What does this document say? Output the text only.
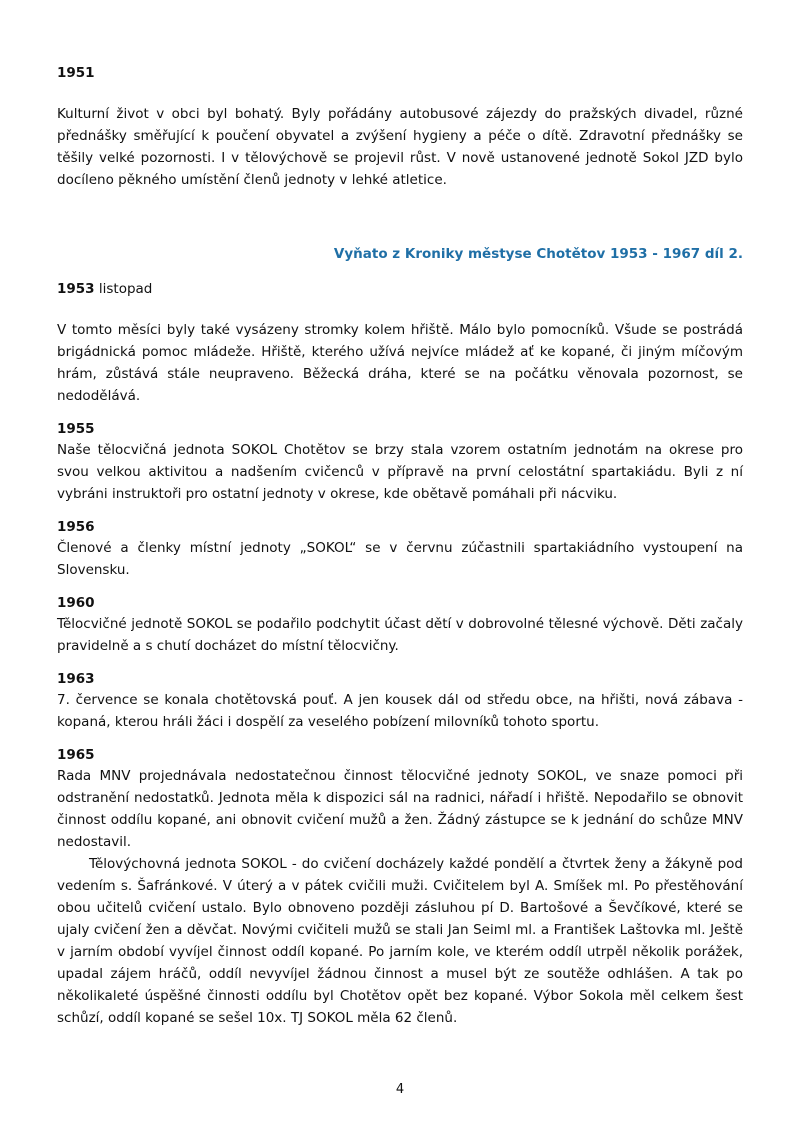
1951

Kulturní život v obci byl bohatý. Byly pořádány autobusové zájezdy do pražských divadel, různé přednášky směřující k poučení obyvatel a zvýšení hygieny a péče o dítě. Zdravotní přednášky se těšily velké pozornosti. I v tělovýchově se projevil růst. V nově ustanovené jednotě Sokol JZD bylo docíleno pěkného umístění členů jednoty v lehké atletice.

Vyňato z Kroniky městyse Chotětov 1953 - 1967 díl 2.

1953 listopad

V tomto měsíci byly také vysázeny stromky kolem hřiště. Málo bylo pomocníků. Všude se postrádá brigádnická pomoc mládeže. Hřiště, kterého užívá nejvíce mládež ať ke kopané, či jiným míčovým hrám, zůstává stále neupraveno. Běžecká dráha, které se na počátku věnovala pozornost, se nedodělává.

1955

Naše tělocvičná jednota SOKOL Chotětov se brzy stala vzorem ostatním jednotám na okrese pro svou velkou aktivitou a nadšením cvičenců v přípravě na první celostátní spartakiádu. Byli z ní vybráni instruktoři pro ostatní jednoty v okrese, kde obětavě pomáhali při nácviku.

1956

Členové a členky místní jednoty „SOKOL“ se v červnu zúčastnili spartakiádního vystoupení na Slovensku.

1960

Tělocvičné jednotě SOKOL se podařilo podchytit účast dětí v dobrovolné tělesné výchově. Děti začaly pravidelně a s chutí docházet do místní tělocvičny.

1963

7. července se konala chotětovská pouť. A jen kousek dál od středu obce, na hřišti, nová zábava - kopaná, kterou hráli žáci i dospělí za veselého pobízení milovníků tohoto sportu.

1965

Rada MNV projednávala nedostatečnou činnost tělocvičné jednoty SOKOL, ve snaze pomoci při odstranění nedostatků. Jednota měla k dispozici sál na radnici, nářadí i hřiště. Nepodařilo se obnovit činnost oddílu kopané, ani obnovit cvičení mužů a žen. Žádný zástupce se k jednání do schůze MNV nedostavil.

Tělovýchovná jednota SOKOL - do cvičení docházely každé pondělí a čtvrtek ženy a žákyně pod vedením s. Šafránkové. V úterý a v pátek cvičili muži. Cvičitelem byl A. Smíšek ml. Po přestěhování obou učitelů cvičení ustalo. Bylo obnoveno později zásluhou pí D. Bartošové a Ševčíkové, které se ujaly cvičení žen a děvčat. Novými cvičiteli mužů se stali Jan Seiml ml. a František Laštovka ml. Ještě v jarním období vyvíjel činnost oddíl kopané. Po jarním kole, ve kterém oddíl utrpěl několik porážek, upadal zájem hráčů, oddíl nevyvíjel žádnou činnost a musel být ze soutěže odhlášen. A tak po několikaleté úspěšné činnosti oddílu byl Chotětov opět bez kopané. Výbor Sokola měl celkem šest schůzí, oddíl kopané se sešel 10x. TJ SOKOL měla 62 členů.

4
